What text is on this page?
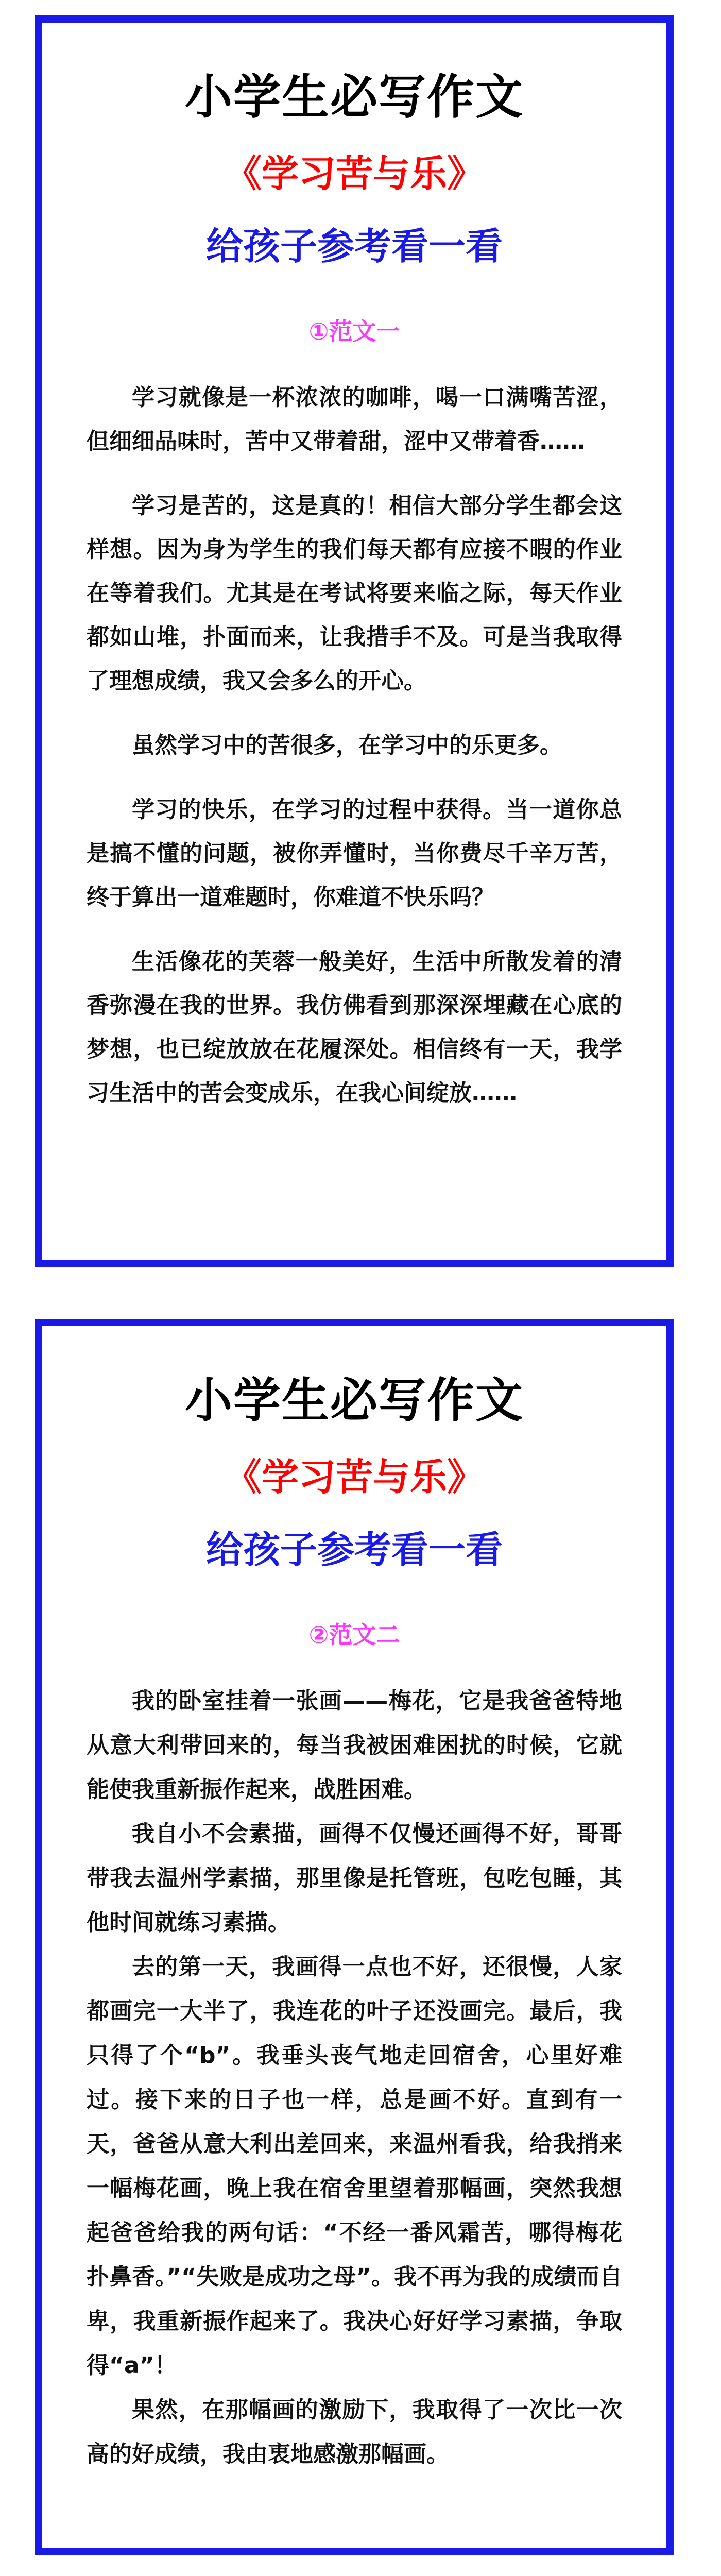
小学生必写作文
《学习苦与乐》
给孩子参考看一看
①范文一

学习就像是一杯浓浓的咖啡，喝一口满嘴苦涩，但细细品味时，苦中又带着甜，涩中又带着香……

学习是苦的，这是真的！相信大部分学生都会这样想。因为身为学生的我们每天都有应接不暇的作业在等着我们。尤其是在考试将要来临之际，每天作业都如山堆，扑面而来，让我措手不及。可是当我取得了理想成绩，我又会多么的开心。

虽然学习中的苦很多，在学习中的乐更多。

学习的快乐，在学习的过程中获得。当一道你总是搞不懂的问题，被你弄懂时，当你费尽千辛万苦，终于算出一道难题时，你难道不快乐吗？

生活像花的芙蓉一般美好，生活中所散发着的清香弥漫在我的世界。我仿佛看到那深深埋藏在心底的梦想，也已绽放放在花履深处。相信终有一天，我学习生活中的苦会变成乐，在我心间绽放……

小学生必写作文
《学习苦与乐》
给孩子参考看一看
②范文二

我的卧室挂着一张画——梅花，它是我爸爸特地从意大利带回来的，每当我被困难困扰的时候，它就能使我重新振作起来，战胜困难。

我自小不会素描，画得不仅慢还画得不好，哥哥带我去温州学素描，那里像是托管班，包吃包睡，其他时间就练习素描。

去的第一天，我画得一点也不好，还很慢，人家都画完一大半了，我连花的叶子还没画完。最后，我只得了个“b”。我垂头丧气地走回宿舍，心里好难过。接下来的日子也一样，总是画不好。直到有一天，爸爸从意大利出差回来，来温州看我，给我捎来一幅梅花画，晚上我在宿舍里望着那幅画，突然我想起爸爸给我的两句话：“不经一番风霜苦，哪得梅花扑鼻香。”“失败是成功之母”。我不再为我的成绩而自卑，我重新振作起来了。我决心好好学习素描，争取得“a”！

果然，在那幅画的激励下，我取得了一次比一次高的好成绩，我由衷地感激那幅画。
